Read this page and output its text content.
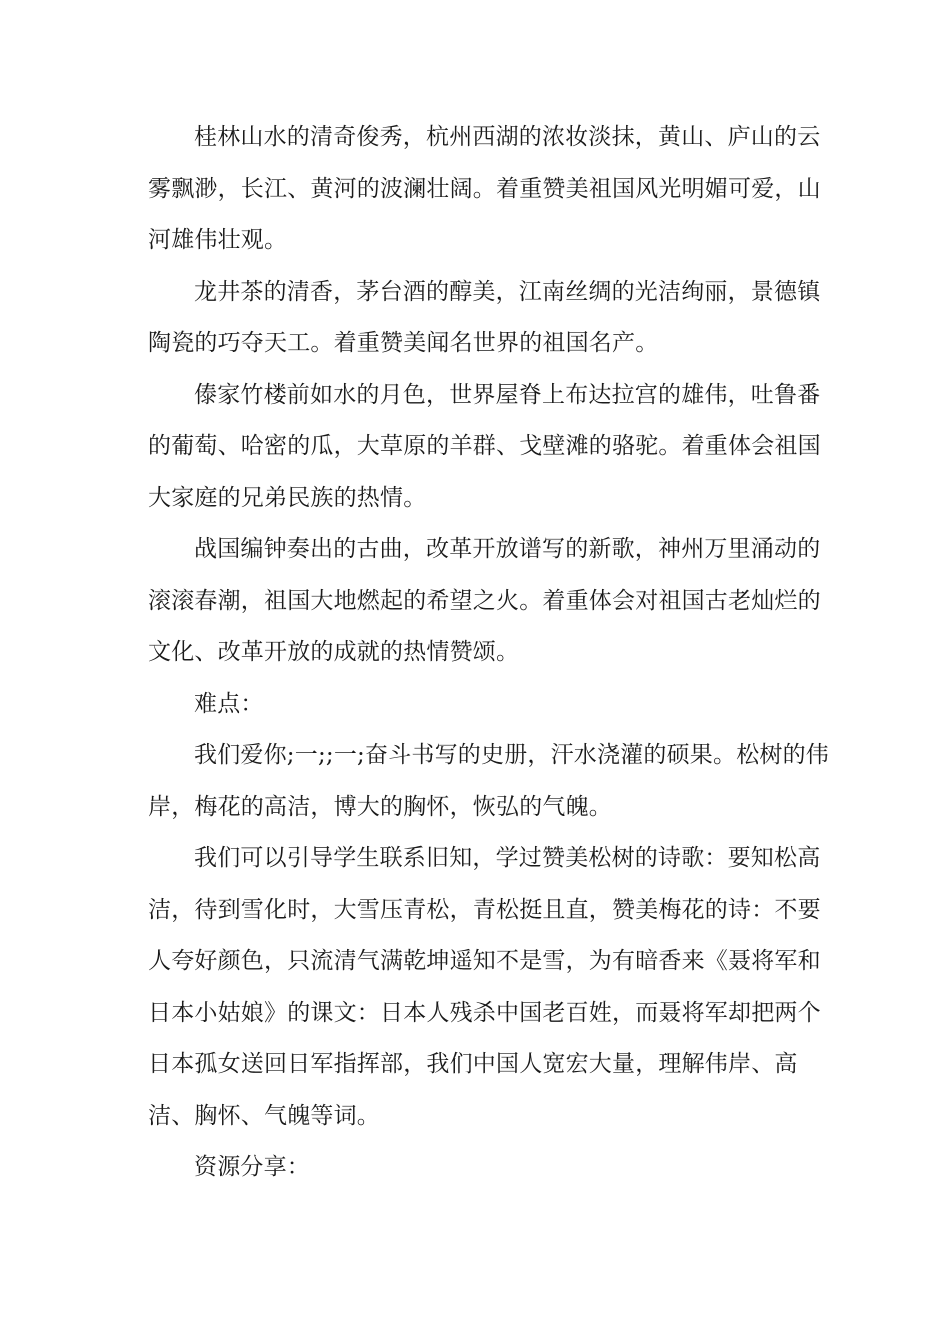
桂林山水的清奇俊秀，杭州西湖的浓妆淡抹，黄山、庐山的云
雾飘渺，长江、黄河的波澜壮阔。着重赞美祖国风光明媚可爱，山
河雄伟壮观。

龙井茶的清香，茅台酒的醇美，江南丝绸的光洁绚丽，景德镇
陶瓷的巧夺天工。着重赞美闻名世界的祖国名产。

傣家竹楼前如水的月色，世界屋脊上布达拉宫的雄伟，吐鲁番
的葡萄、哈密的瓜，大草原的羊群、戈壁滩的骆驼。着重体会祖国
大家庭的兄弟民族的热情。

战国编钟奏出的古曲，改革开放谱写的新歌，神州万里涌动的
滚滚春潮，祖国大地燃起的希望之火。着重体会对祖国古老灿烂的
文化、改革开放的成就的热情赞颂。

难点：

我们爱你;一;;一;奋斗书写的史册，汗水浇灌的硕果。松树的伟
岸，梅花的高洁，博大的胸怀，恢弘的气魄。

我们可以引导学生联系旧知，学过赞美松树的诗歌：要知松高
洁，待到雪化时，大雪压青松，青松挺且直，赞美梅花的诗：不要
人夸好颜色，只流清气满乾坤遥知不是雪，为有暗香来《聂将军和
日本小姑娘》的课文：日本人残杀中国老百姓，而聂将军却把两个
日本孤女送回日军指挥部，我们中国人宽宏大量，理解伟岸、高
洁、胸怀、气魄等词。

资源分享：
